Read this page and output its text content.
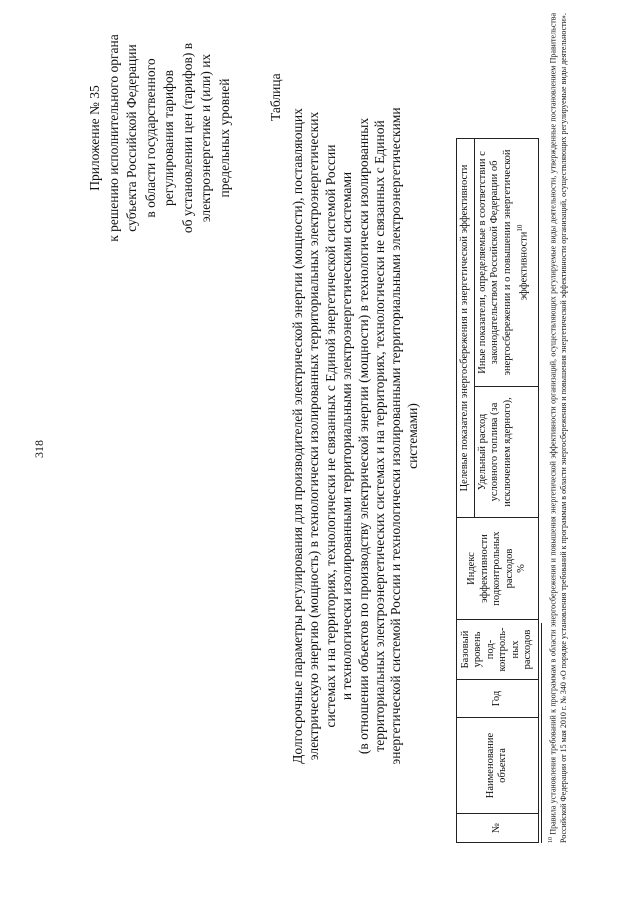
318
Приложение № 35 к решению исполнительного органа субъекта Российской Федерации в области государственного регулирования тарифов об установлении цен (тарифов) в электроэнергетике и (или) их предельных уровней	Таблица
Долгосрочные параметры регулирования для производителей электрической энергии (мощности), поставляющих электрическую энергию (мощность) в технологически изолированных территориальных электроэнергетических системах и на территориях, технологически не связанных с Единой энергетической системой России и технологически изолированными территориальными электроэнергетическими системами (в отношении объектов по производству электрической энергии (мощности) в технологически изолированных территориальных электроэнергетических системах и на территориях, технологически не связанных с Единой энергетической системой России и технологически изолированными территориальными электроэнергетическими системами)
№	Наименование объекта	Год	Базовый уровень под-контроль-ных расходов	Индекс эффективности подконтрольных расходов %	Целевые показатели энергосбережения и энергетической эффективности	
					Удельный расход условного топлива (за исключением ядерного),	Иные показатели, определяемые в соответствии с законодательством Российской Федерации об энергосбережении и о повышении энергетической эффективности$^{10}$
$^{10}$ Правила установления требований к программам в области энергосбережения и повышения энергетической эффективности организаций, осуществляющих регулируемые виды деятельности, утвержденные постановлением Правительства Российской Федерации от 15 мая 2010 г. № 340 «О порядке установления требований к программам в области энергосбережения и повышения энергетической эффективности организаций, осуществляющих регулируемые виды деятельности».
